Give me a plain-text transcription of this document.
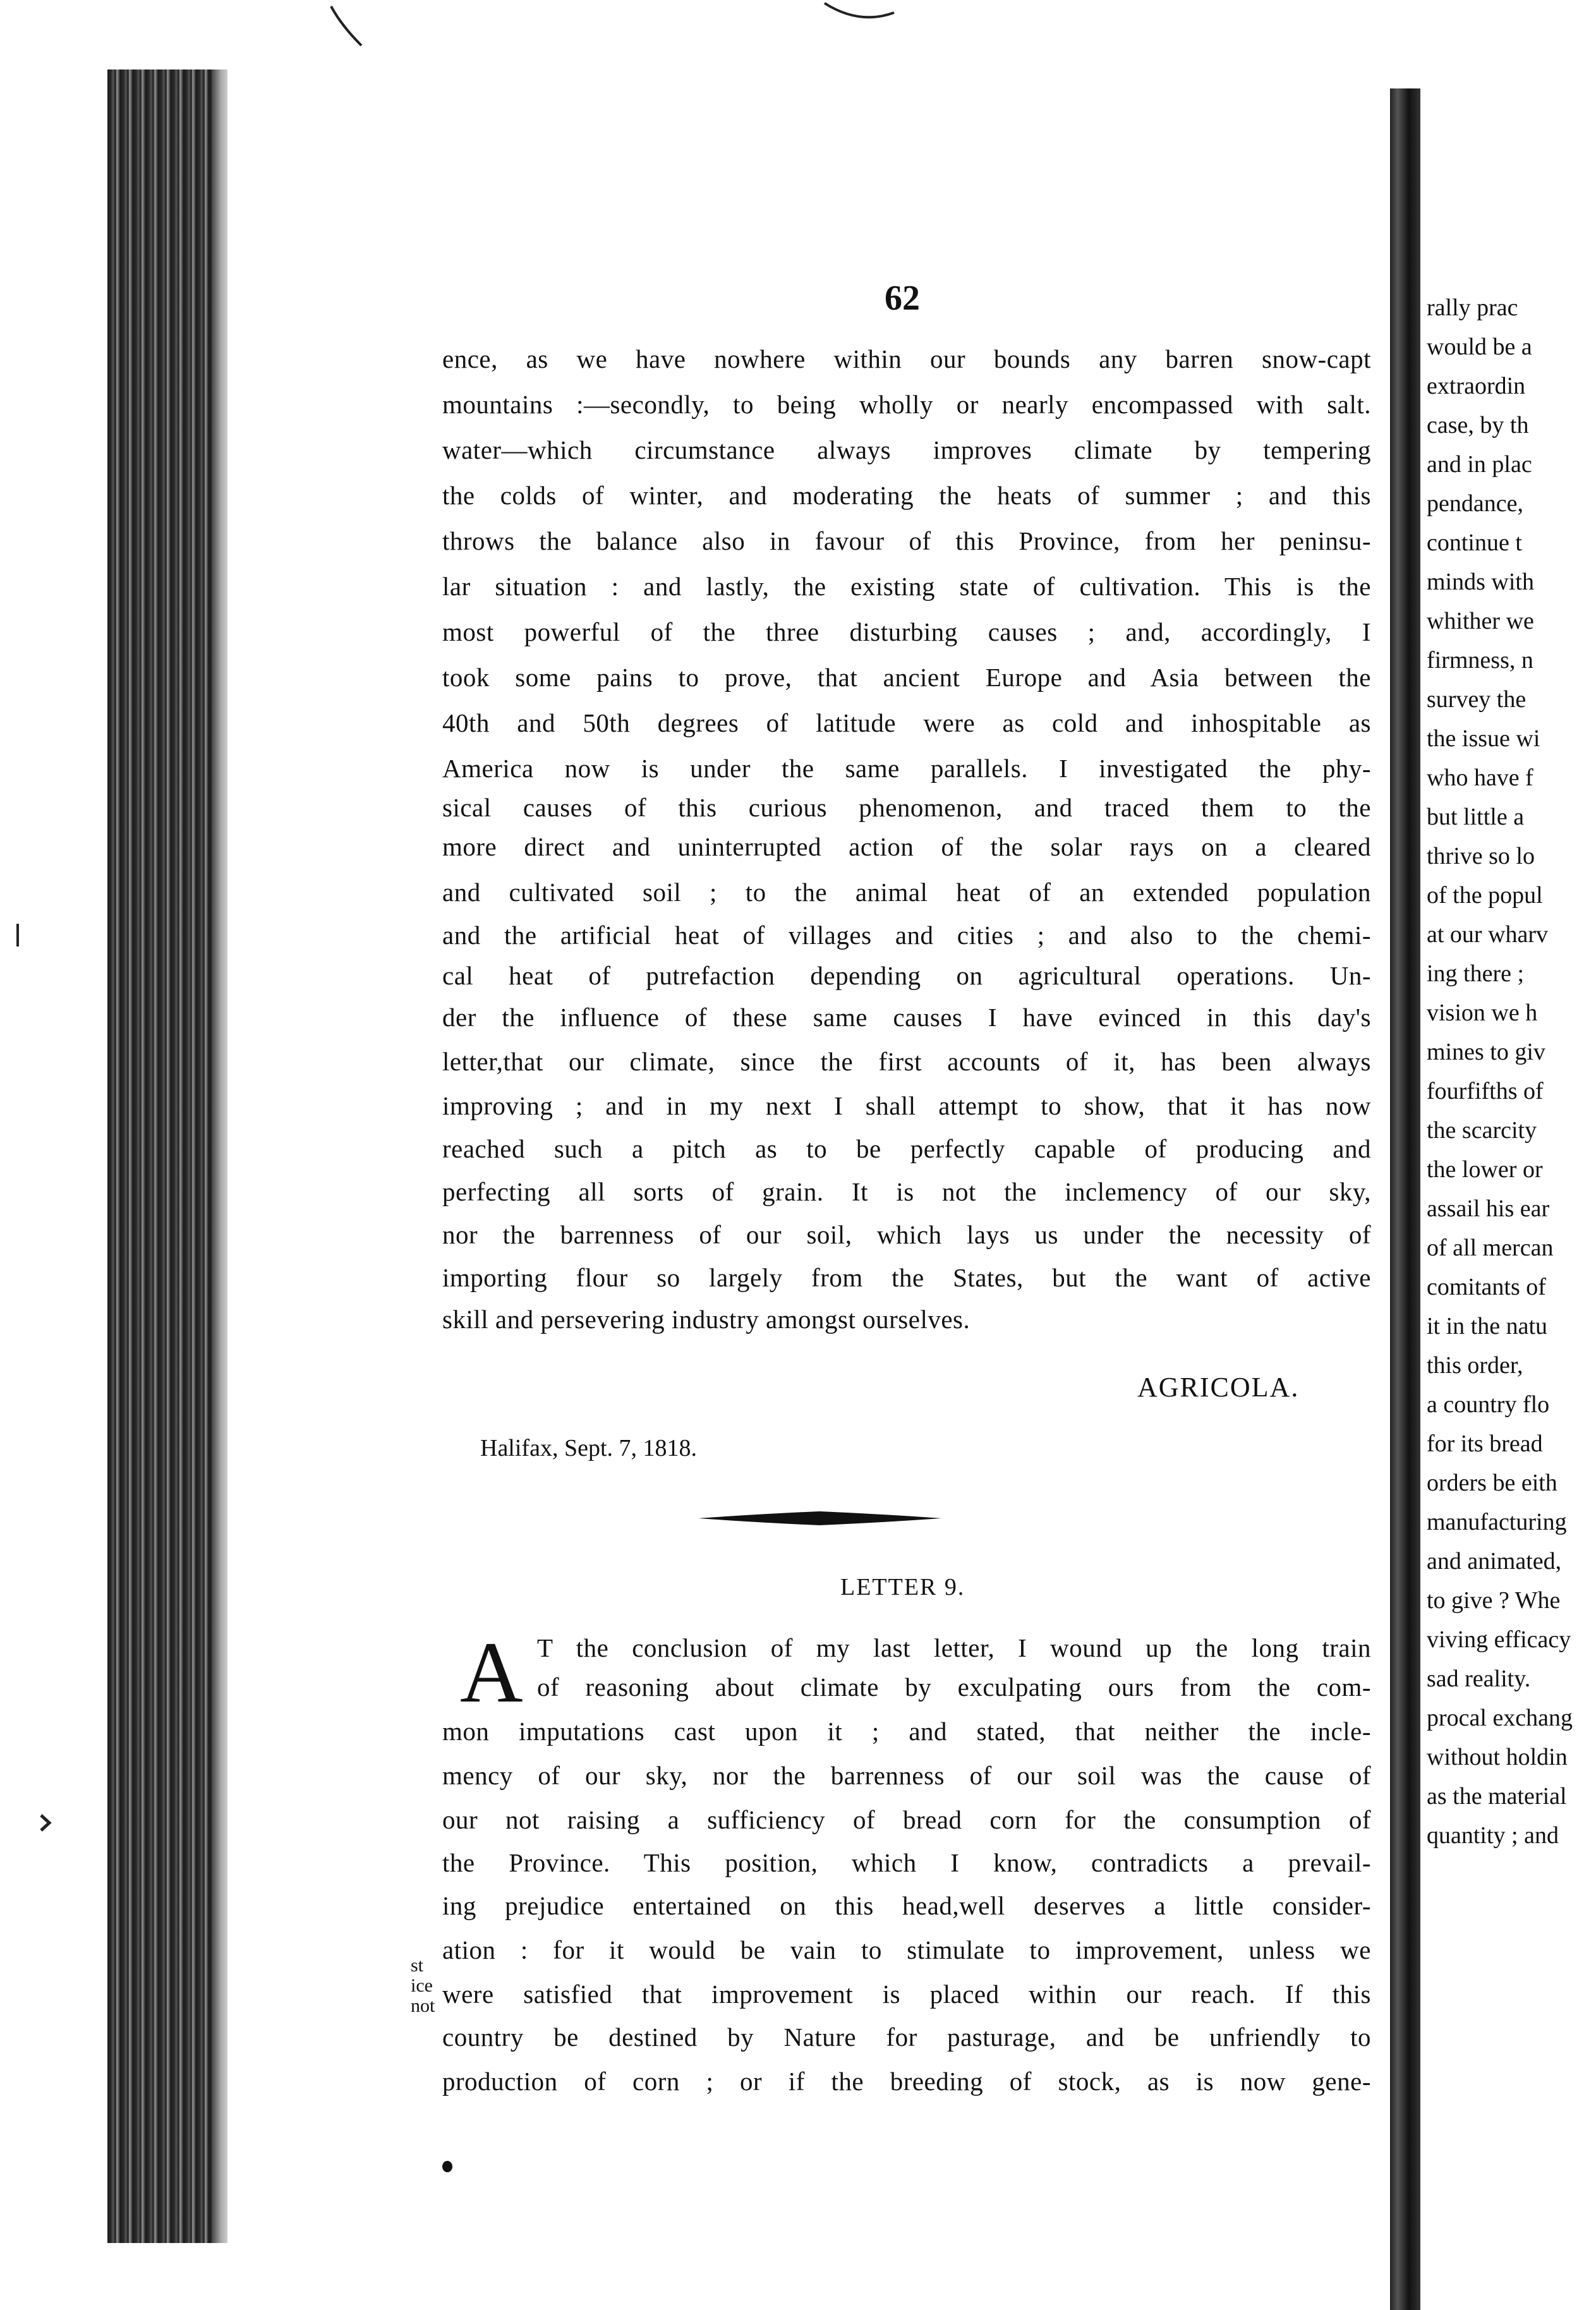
62
ence, as we have nowhere within our bounds any barren snow-capt
mountains :—secondly, to being wholly or nearly encompassed with salt.
water—which circumstance always improves climate by tempering
the colds of winter, and moderating the heats of summer ; and this
throws the balance also in favour of this Province, from her peninsu-
lar situation : and lastly, the existing state of cultivation. This is the
most powerful of the three disturbing causes ; and, accordingly, I
took some pains to prove, that ancient Europe and Asia between the
40th and 50th degrees of latitude were as cold and inhospitable as
America now is under the same parallels. I investigated the phy-
sical causes of this curious phenomenon, and traced them to the
more direct and uninterrupted action of the solar rays on a cleared
and cultivated soil ; to the animal heat of an extended population
and the artificial heat of villages and cities ; and also to the chemi-
cal heat of putrefaction depending on agricultural operations. Un-
der the influence of these same causes I have evinced in this day's
letter,that our climate, since the first accounts of it, has been always
improving ; and in my next I shall attempt to show, that it has now
reached such a pitch as to be perfectly capable of producing and
perfecting all sorts of grain. It is not the inclemency of our sky,
nor the barrenness of our soil, which lays us under the necessity of
importing flour so largely from the States, but the want of active
skill and persevering industry amongst ourselves.
AGRICOLA.
Halifax, Sept. 7, 1818.
LETTER 9.
A T the conclusion of my last letter, I wound up the long train
of reasoning about climate by exculpating ours from the com-
mon imputations cast upon it ; and stated, that neither the incle-
mency of our sky, nor the barrenness of our soil was the cause of
our not raising a sufficiency of bread corn for the consumption of
the Province. This position, which I know, contradicts a prevail-
ing prejudice entertained on this head,well deserves a little consider-
ation : for it would be vain to stimulate to improvement, unless we
were satisfied that improvement is placed within our reach. If this
country be destined by Nature for pasturage, and be unfriendly to
production of corn ; or if the breeding of stock, as is now gene-
st
ice
not
rally prac
would be a
extraordin
case, by th
and in plac
pendance,
continue t
minds with
whither we
firmness, n
survey the
the issue wi
who have f
but little a
thrive so lo
of the popul
at our wharv
ing there ;
vision we h
mines to giv
fourfifths of
the scarcity
the lower or
assail his ear
of all mercan
comitants of
it in the natu
this order,
a country flo
for its bread
orders be eith
manufacturing
and animated,
to give ? Whe
viving efficacy
sad reality.
procal exchang
without holdin
as the material
quantity ; and
